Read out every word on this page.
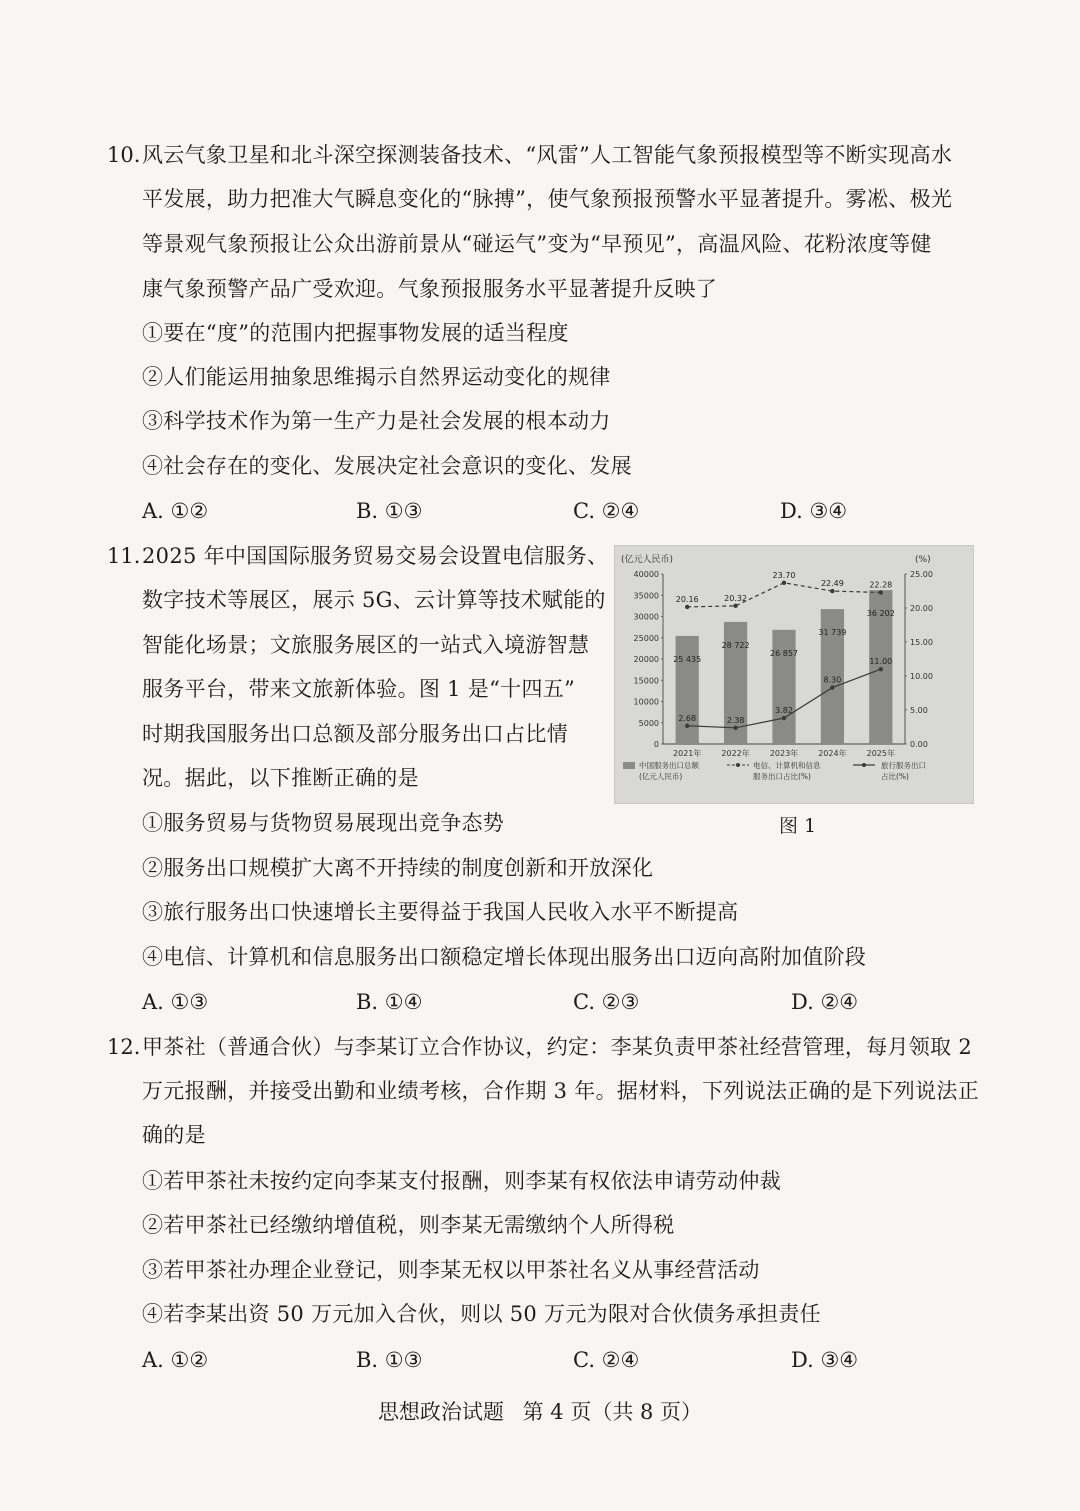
10. 风云气象卫星和北斗深空探测装备技术、“风雷”人工智能气象预报模型等不断实现高水
平发展，助力把准大气瞬息变化的“脉搏”，使气象预报预警水平显著提升。雾凇、极光
等景观气象预报让公众出游前景从“碰运气”变为“早预见”，高温风险、花粉浓度等健
康气象预警产品广受欢迎。气象预报服务水平显著提升反映了
①要在“度”的范围内把握事物发展的适当程度
②人们能运用抽象思维揭示自然界运动变化的规律
③科学技术作为第一生产力是社会发展的根本动力
④社会存在的变化、发展决定社会意识的变化、发展
A. ①②	B. ①③	C. ②④	D. ③④
11. 2025 年中国国际服务贸易交易会设置电信服务、
数字技术等展区，展示 5G、云计算等技术赋能的
智能化场景；文旅服务展区的一站式入境游智慧
服务平台，带来文旅新体验。图 1 是“十四五”
时期我国服务出口总额及部分服务出口占比情
况。据此，以下推断正确的是
(亿元人民币)	(%)
40000
35000
30000
25000
20000
15000
10000
5000
0
25.00
20.00
15.00
10.00
5.00
0.00
25 435
28 722
26 857
31 739
36 202
20.16	20.32
23.70
22.49	22.28
2.68	2.38
3.82
8.30
11.00
2021年	2022年	2023年	2024年	2025年
中国服务出口总额
(亿元人民币)
电信、计算机和信息
服务出口占比(%)
旅行服务出口
占比(%)
图 1
①服务贸易与货物贸易展现出竞争态势
②服务出口规模扩大离不开持续的制度创新和开放深化
③旅行服务出口快速增长主要得益于我国人民收入水平不断提高
④电信、计算机和信息服务出口额稳定增长体现出服务出口迈向高附加值阶段
A. ①③	B. ①④	C. ②③	D. ②④
12. 甲茶社（普通合伙）与李某订立合作协议，约定：李某负责甲茶社经营管理，每月领取 2
万元报酬，并接受出勤和业绩考核，合作期 3 年。据材料，下列说法正确的是下列说法正
确的是
①若甲茶社未按约定向李某支付报酬，则李某有权依法申请劳动仲裁
②若甲茶社已经缴纳增值税，则李某无需缴纳个人所得税
③若甲茶社办理企业登记，则李某无权以甲茶社名义从事经营活动
④若李某出资 50 万元加入合伙，则以 50 万元为限对合伙债务承担责任
A. ①②	B. ①③	C. ②④	D. ③④
思想政治试题 第 4 页（共 8 页）
